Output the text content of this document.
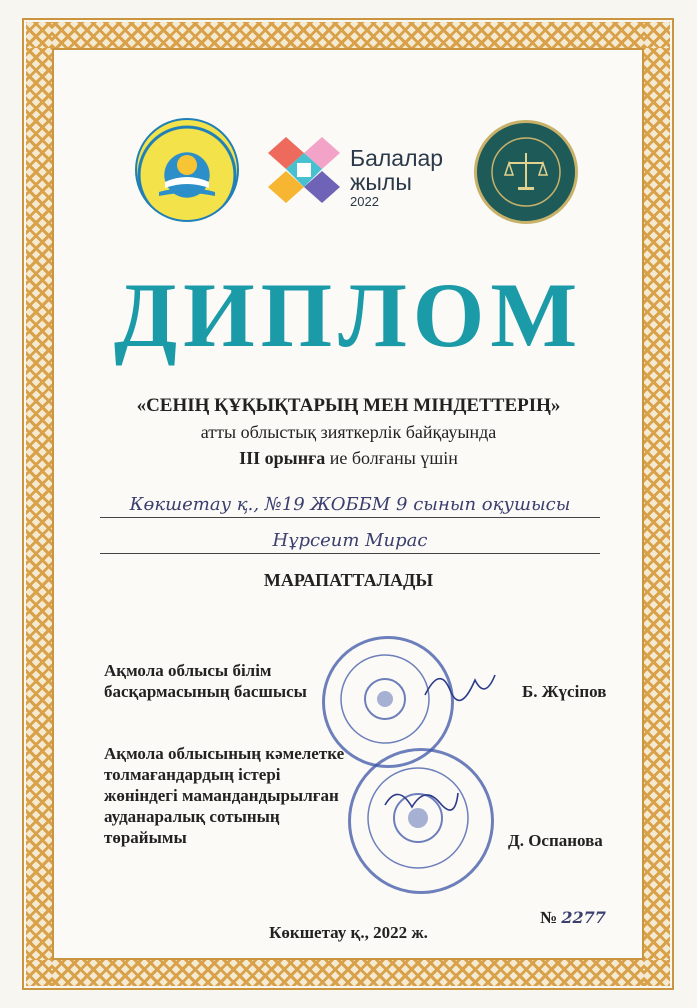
Балалар
жылы
2022
ДИПЛОМ
«СЕНІҢ ҚҰҚЫҚТАРЫҢ МЕН МІНДЕТТЕРІҢ»
атты облыстық зияткерлік байқауында
III орынға ие болғаны үшін
Көкшетау қ., №19 ЖОББМ 9 сынып оқушысы
Нұрсеит Мирас
МАРАПАТТАЛАДЫ
Ақмола облысы білім
басқармасының басшысы	Б. Жүсіпов
Ақмола облысының кәмелетке
толмағандардың істері
жөніндегі мамандандырылған
ауданаралық сотының
төрайымы	Д. Оспанова
№ 2277
Көкшетау қ., 2022 ж.
